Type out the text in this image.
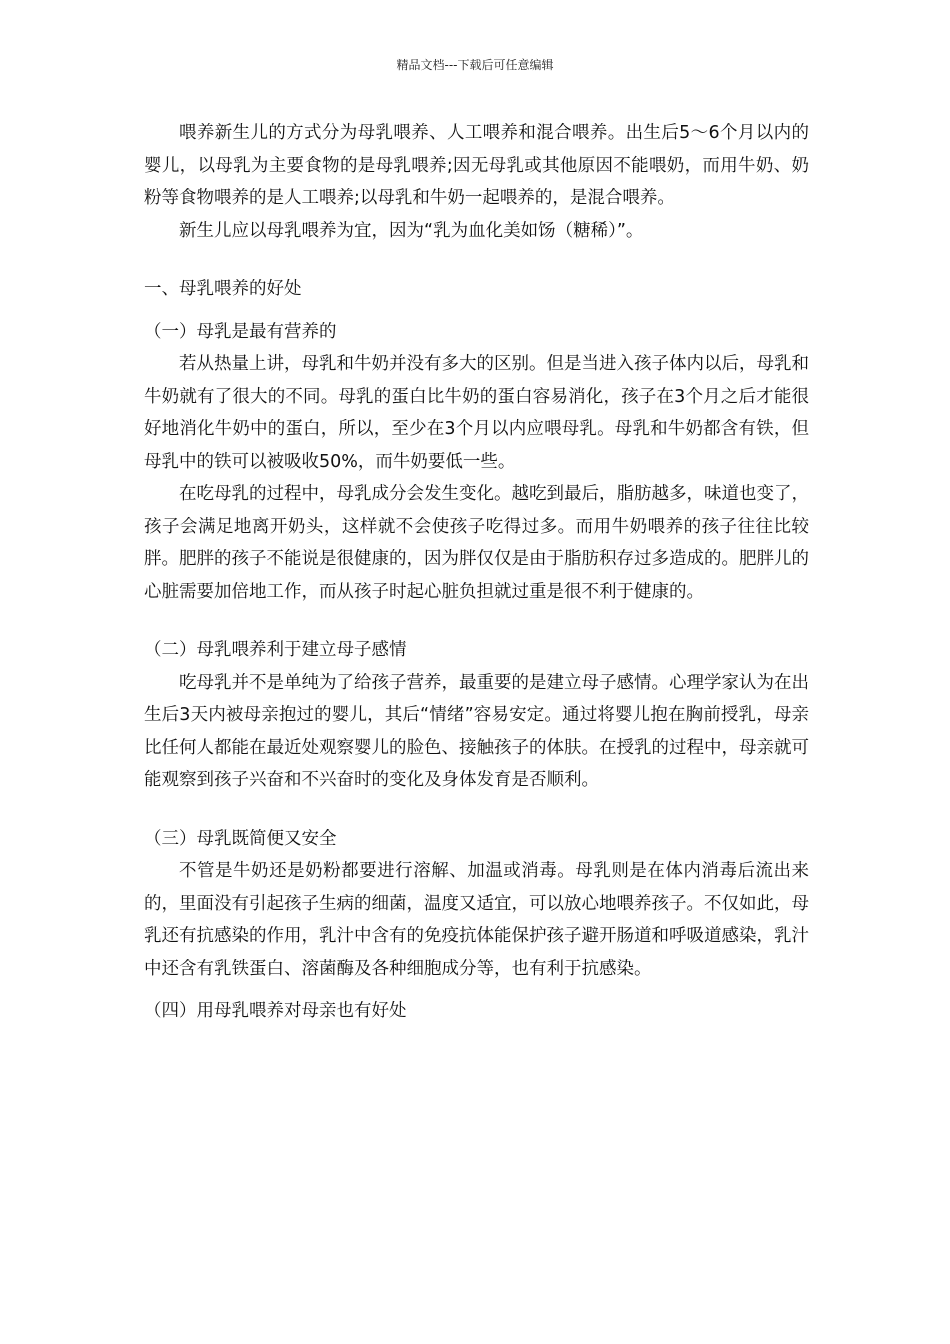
精品文档---下载后可任意编辑

喂养新生儿的方式分为母乳喂养、人工喂养和混合喂养。出生后5～6个月以内的婴儿，以母乳为主要食物的是母乳喂养;因无母乳或其他原因不能喂奶，而用牛奶、奶粉等食物喂养的是人工喂养;以母乳和牛奶一起喂养的，是混合喂养。

新生儿应以母乳喂养为宜，因为“乳为血化美如饧（糖稀）”。

一、母乳喂养的好处

（一）母乳是最有营养的

若从热量上讲，母乳和牛奶并没有多大的区别。但是当进入孩子体内以后，母乳和牛奶就有了很大的不同。母乳的蛋白比牛奶的蛋白容易消化，孩子在3个月之后才能很好地消化牛奶中的蛋白，所以，至少在3个月以内应喂母乳。母乳和牛奶都含有铁，但母乳中的铁可以被吸收50%，而牛奶要低一些。

在吃母乳的过程中，母乳成分会发生变化。越吃到最后，脂肪越多，味道也变了，孩子会满足地离开奶头，这样就不会使孩子吃得过多。而用牛奶喂养的孩子往往比较胖。肥胖的孩子不能说是很健康的，因为胖仅仅是由于脂肪积存过多造成的。肥胖儿的心脏需要加倍地工作，而从孩子时起心脏负担就过重是很不利于健康的。

（二）母乳喂养利于建立母子感情

吃母乳并不是单纯为了给孩子营养，最重要的是建立母子感情。心理学家认为在出生后3天内被母亲抱过的婴儿，其后“情绪”容易安定。通过将婴儿抱在胸前授乳，母亲比任何人都能在最近处观察婴儿的脸色、接触孩子的体肤。在授乳的过程中，母亲就可能观察到孩子兴奋和不兴奋时的变化及身体发育是否顺利。

（三）母乳既简便又安全

不管是牛奶还是奶粉都要进行溶解、加温或消毒。母乳则是在体内消毒后流出来的，里面没有引起孩子生病的细菌，温度又适宜，可以放心地喂养孩子。不仅如此，母乳还有抗感染的作用，乳汁中含有的免疫抗体能保护孩子避开肠道和呼吸道感染，乳汁中还含有乳铁蛋白、溶菌酶及各种细胞成分等，也有利于抗感染。

（四）用母乳喂养对母亲也有好处
